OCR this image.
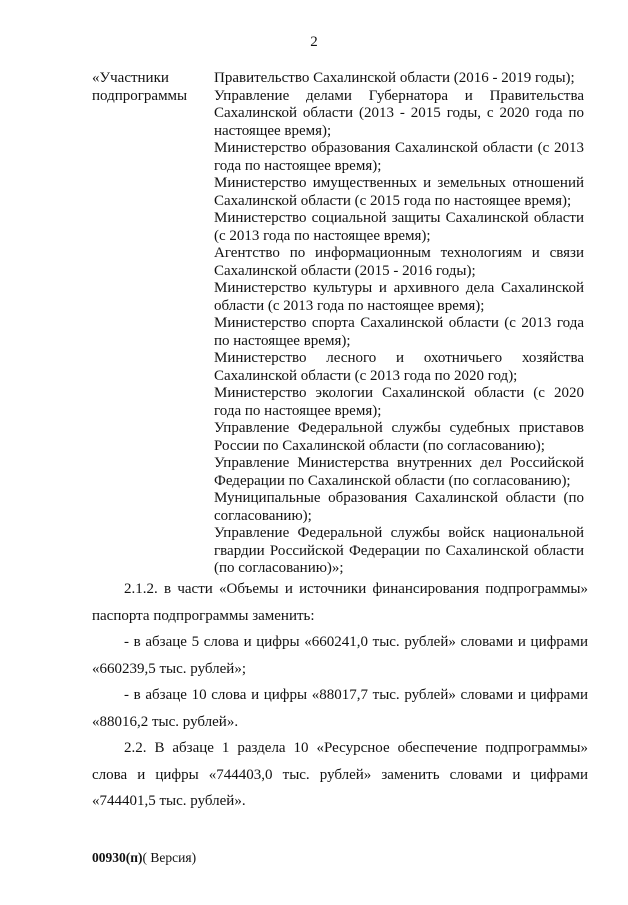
2
«Участники подпрограммы
Правительство Сахалинской области (2016 - 2019 годы);
Управление делами Губернатора и Правительства Сахалинской области (2013 - 2015 годы, с 2020 года по настоящее время);
Министерство образования Сахалинской области (с 2013 года по настоящее время);
Министерство имущественных и земельных отношений Сахалинской области (с 2015 года по настоящее время);
Министерство социальной защиты Сахалинской области (с 2013 года по настоящее время);
Агентство по информационным технологиям и связи Сахалинской области (2015 - 2016 годы);
Министерство культуры и архивного дела Сахалинской области (с 2013 года по настоящее время);
Министерство спорта Сахалинской области (с 2013 года по настоящее время);
Министерство лесного и охотничьего хозяйства Сахалинской области (с 2013 года по 2020 год);
Министерство экологии Сахалинской области (с 2020 года по настоящее время);
Управление Федеральной службы судебных приставов России по Сахалинской области (по согласованию);
Управление Министерства внутренних дел Российской Федерации по Сахалинской области (по согласованию);
Муниципальные образования Сахалинской области (по согласованию);
Управление Федеральной службы войск национальной гвардии Российской Федерации по Сахалинской области (по согласованию)»;

2.1.2. в части «Объемы и источники финансирования подпрограммы» паспорта подпрограммы заменить:

- в абзаце 5 слова и цифры «660241,0 тыс. рублей» словами и цифрами «660239,5 тыс. рублей»;

- в абзаце 10 слова и цифры «88017,7 тыс. рублей» словами и цифрами «88016,2 тыс. рублей».

2.2. В абзаце 1 раздела 10 «Ресурсное обеспечение подпрограммы» слова и цифры «744403,0 тыс. рублей» заменить словами и цифрами «744401,5 тыс. рублей».

00930(п)( Версия)
